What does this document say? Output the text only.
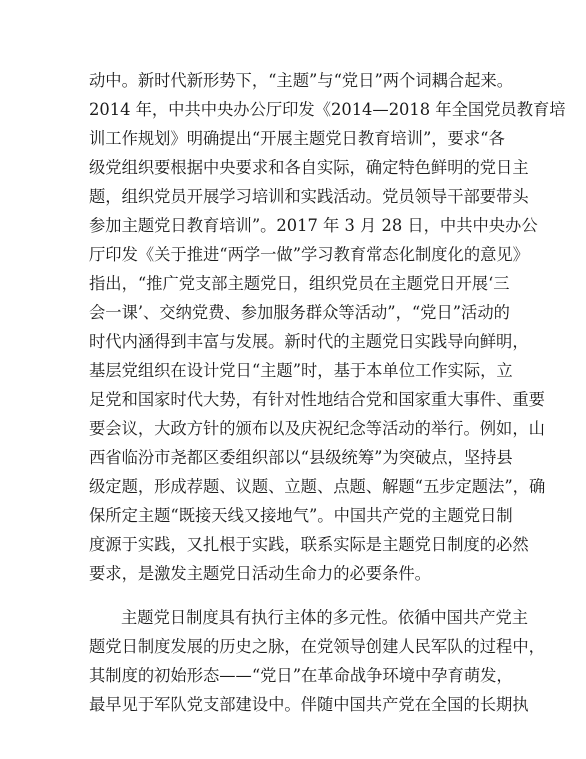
动中。新时代新形势下，“主题”与“党日”两个词耦合起来。
2014 年，中共中央办公厅印发《2014—2018 年全国党员教育培
训工作规划》明确提出“开展主题党日教育培训”，要求“各
级党组织要根据中央要求和各自实际，确定特色鲜明的党日主
题，组织党员开展学习培训和实践活动。党员领导干部要带头
参加主题党日教育培训”。2017 年 3 月 28 日，中共中央办公
厅印发《关于推进“两学一做”学习教育常态化制度化的意见》
指出，“推广党支部主题党日，组织党员在主题党日开展‘三
会一课’、交纳党费、参加服务群众等活动”，“党日”活动的
时代内涵得到丰富与发展。新时代的主题党日实践导向鲜明，
基层党组织在设计党日“主题”时，基于本单位工作实际，立
足党和国家时代大势，有针对性地结合党和国家重大事件、重要
要会议，大政方针的颁布以及庆祝纪念等活动的举行。例如，山
西省临汾市尧都区委组织部以“县级统筹”为突破点，坚持县
级定题，形成荐题、议题、立题、点题、解题“五步定题法”，确
保所定主题“既接天线又接地气”。中国共产党的主题党日制
度源于实践，又扎根于实践，联系实际是主题党日制度的必然
要求，是激发主题党日活动生命力的必要条件。
主题党日制度具有执行主体的多元性。依循中国共产党主
题党日制度发展的历史之脉，在党领导创建人民军队的过程中，
其制度的初始形态——“党日”在革命战争环境中孕育萌发，
最早见于军队党支部建设中。伴随中国共产党在全国的长期执
